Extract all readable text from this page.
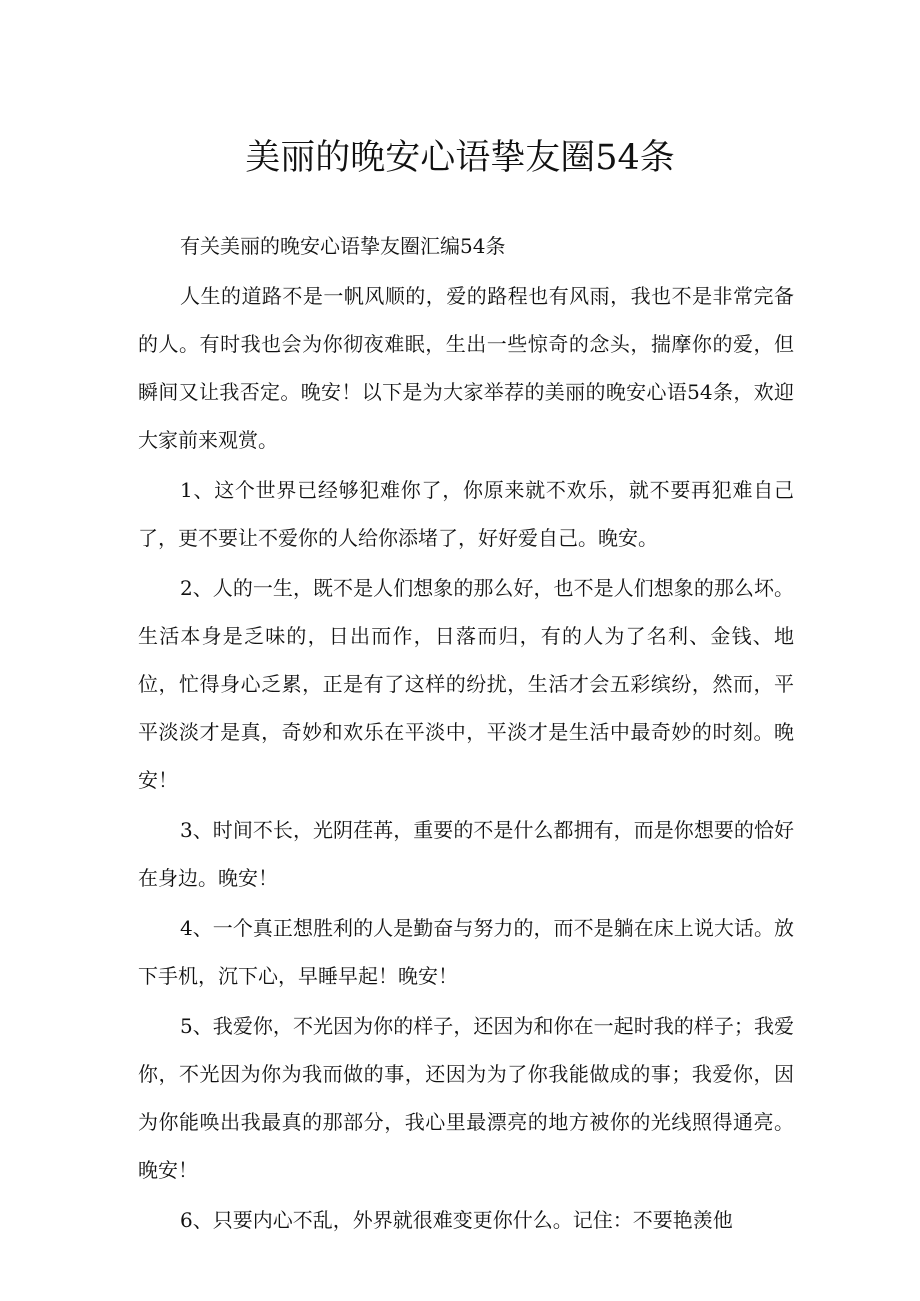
美丽的晚安心语挚友圈54条

有关美丽的晚安心语挚友圈汇编54条

人生的道路不是一帆风顺的，爱的路程也有风雨，我也不是非常完备的人。有时我也会为你彻夜难眠，生出一些惊奇的念头，揣摩你的爱，但瞬间又让我否定。晚安！以下是为大家举荐的美丽的晚安心语54条，欢迎大家前来观赏。

1、这个世界已经够犯难你了，你原来就不欢乐，就不要再犯难自己了，更不要让不爱你的人给你添堵了，好好爱自己。晚安。

2、人的一生，既不是人们想象的那么好，也不是人们想象的那么坏。生活本身是乏味的，日出而作，日落而归，有的人为了名利、金钱、地位，忙得身心乏累，正是有了这样的纷扰，生活才会五彩缤纷，然而，平平淡淡才是真，奇妙和欢乐在平淡中，平淡才是生活中最奇妙的时刻。晚安！

3、时间不长，光阴荏苒，重要的不是什么都拥有，而是你想要的恰好在身边。晚安！

4、一个真正想胜利的人是勤奋与努力的，而不是躺在床上说大话。放下手机，沉下心，早睡早起！晚安！

5、我爱你，不光因为你的样子，还因为和你在一起时我的样子；我爱你，不光因为你为我而做的事，还因为为了你我能做成的事；我爱你，因为你能唤出我最真的那部分，我心里最漂亮的地方被你的光线照得通亮。晚安！

6、只要内心不乱，外界就很难变更你什么。记住：不要艳羡他
